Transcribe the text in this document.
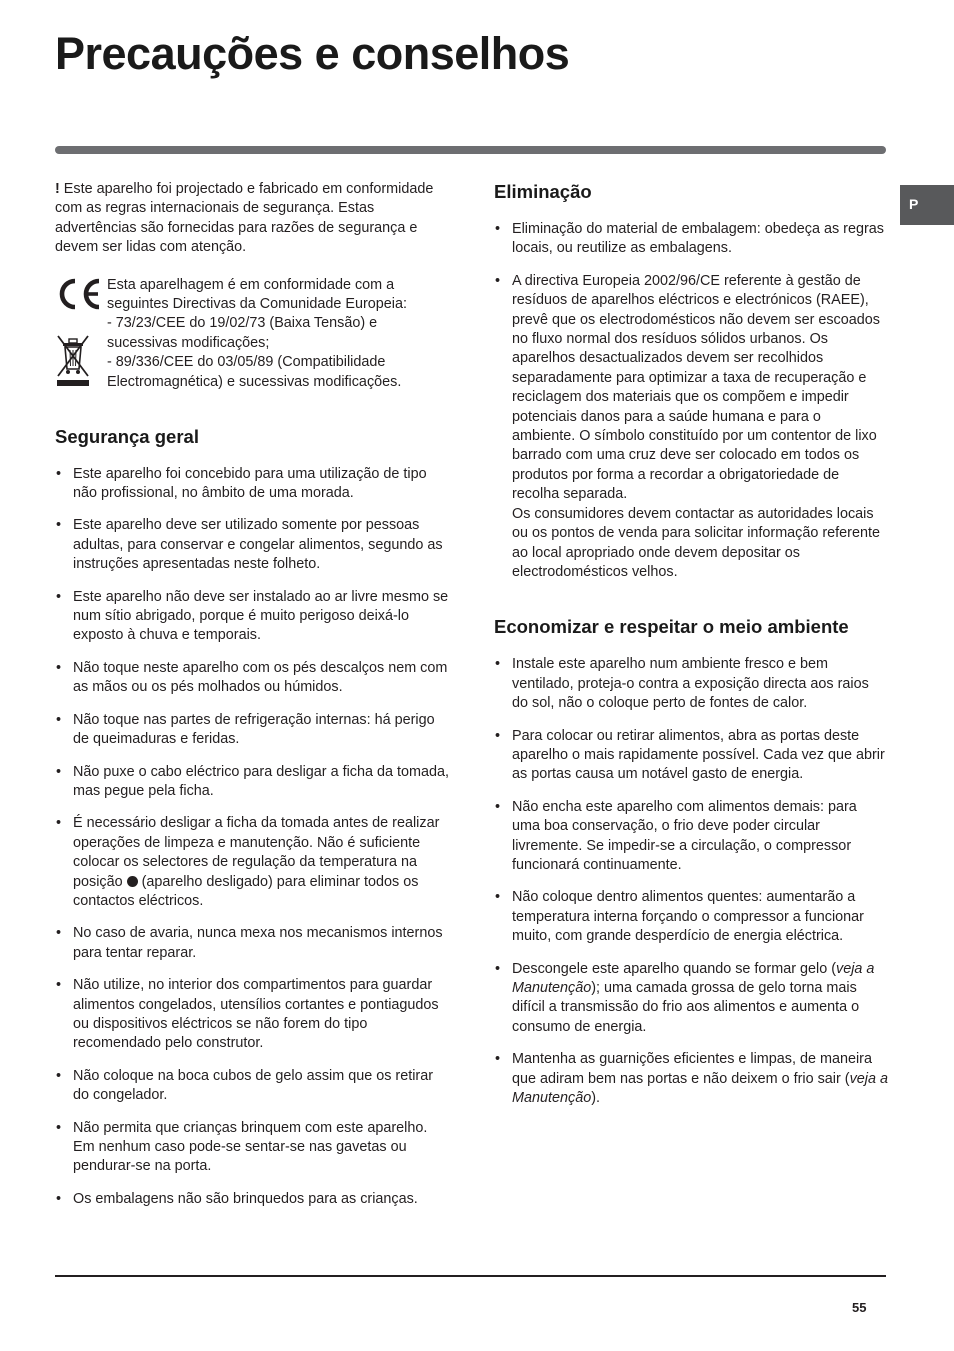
Precauções e conselhos
P

! Este aparelho foi projectado e fabricado em conformidade com as regras internacionais de segurança. Estas advertências são fornecidas para razões de segurança e devem ser lidas com atenção.

Esta aparelhagem é em conformidade com a seguintes Directivas da Comunidade Europeia:

- 73/23/CEE do 19/02/73 (Baixa Tensão) e sucessivas modificações;

- 89/336/CEE do 03/05/89 (Compatibilidade Electromagnética) e sucessivas modificações.

Segurança geral
• Este aparelho foi concebido para uma utilização de tipo não profissional, no âmbito de uma morada.
• Este aparelho deve ser utilizado somente por pessoas adultas, para conservar e congelar alimentos, segundo as instruções apresentadas neste folheto.
• Este aparelho não deve ser instalado ao ar livre mesmo se num sítio abrigado, porque é muito perigoso deixá-lo exposto à chuva e temporais.
• Não toque neste aparelho com os pés descalços nem com as mãos ou os pés molhados ou húmidos.
• Não toque nas partes de refrigeração internas: há perigo de queimaduras e feridas.
• Não puxe o cabo eléctrico para desligar a ficha da tomada, mas pegue pela ficha.
• É necessário desligar a ficha da tomada antes de realizar operações de limpeza e manutenção. Não é suficiente colocar os selectores de regulação da temperatura na posição  (aparelho desligado) para eliminar todos os contactos eléctricos.
• No caso de avaria, nunca mexa nos mecanismos internos para tentar reparar.
• Não utilize, no interior dos compartimentos para guardar alimentos congelados, utensílios cortantes e pontiagudos ou dispositivos eléctricos se não forem do tipo recomendado pelo construtor.
• Não coloque na boca cubos de gelo assim que os retirar do congelador.
• Não permita que crianças brinquem com este aparelho. Em nenhum caso pode-se sentar-se nas gavetas ou pendurar-se na porta.
• Os embalagens não são brinquedos para as crianças.
Eliminação
• Eliminação do material de embalagem: obedeça as regras locais, ou reutilize as embalagens.
• A directiva Europeia 2002/96/CE referente à gestão de resíduos de aparelhos eléctricos e electrónicos (RAEE), prevê que os electrodomésticos não devem ser escoados no fluxo normal dos resíduos sólidos urbanos. Os aparelhos desactualizados devem ser recolhidos separadamente para optimizar a taxa de recuperação e reciclagem dos materiais que os compõem e impedir potenciais danos para a saúde humana e para o ambiente. O símbolo constituído por um contentor de lixo barrado com uma cruz deve ser colocado em todos os produtos por forma a recordar a obrigatoriedade de recolha separada.
Os consumidores devem contactar as autoridades locais ou os pontos de venda para solicitar informação referente ao local apropriado onde devem depositar os electrodomésticos velhos.
Economizar e respeitar o meio ambiente
• Instale este aparelho num ambiente fresco e bem ventilado, proteja-o contra a exposição directa aos raios do sol, não o coloque perto de fontes de calor.
• Para colocar ou retirar alimentos, abra as portas deste aparelho o mais rapidamente possível. Cada vez que abrir as portas causa um notável gasto de energia.
• Não encha este aparelho com alimentos demais: para uma boa conservação, o frio deve poder circular livremente. Se impedir-se a circulação, o compressor funcionará continuamente.
• Não coloque dentro alimentos quentes: aumentarão a temperatura interna forçando o compressor a funcionar muito, com grande desperdício de energia eléctrica.
• Descongele este aparelho quando se formar gelo (veja a Manutenção); uma camada grossa de gelo torna mais difícil a transmissão do frio aos alimentos e aumenta o consumo de energia.
• Mantenha as guarnições eficientes e limpas, de maneira que adiram bem nas portas e não deixem o frio sair (veja a Manutenção).
55
